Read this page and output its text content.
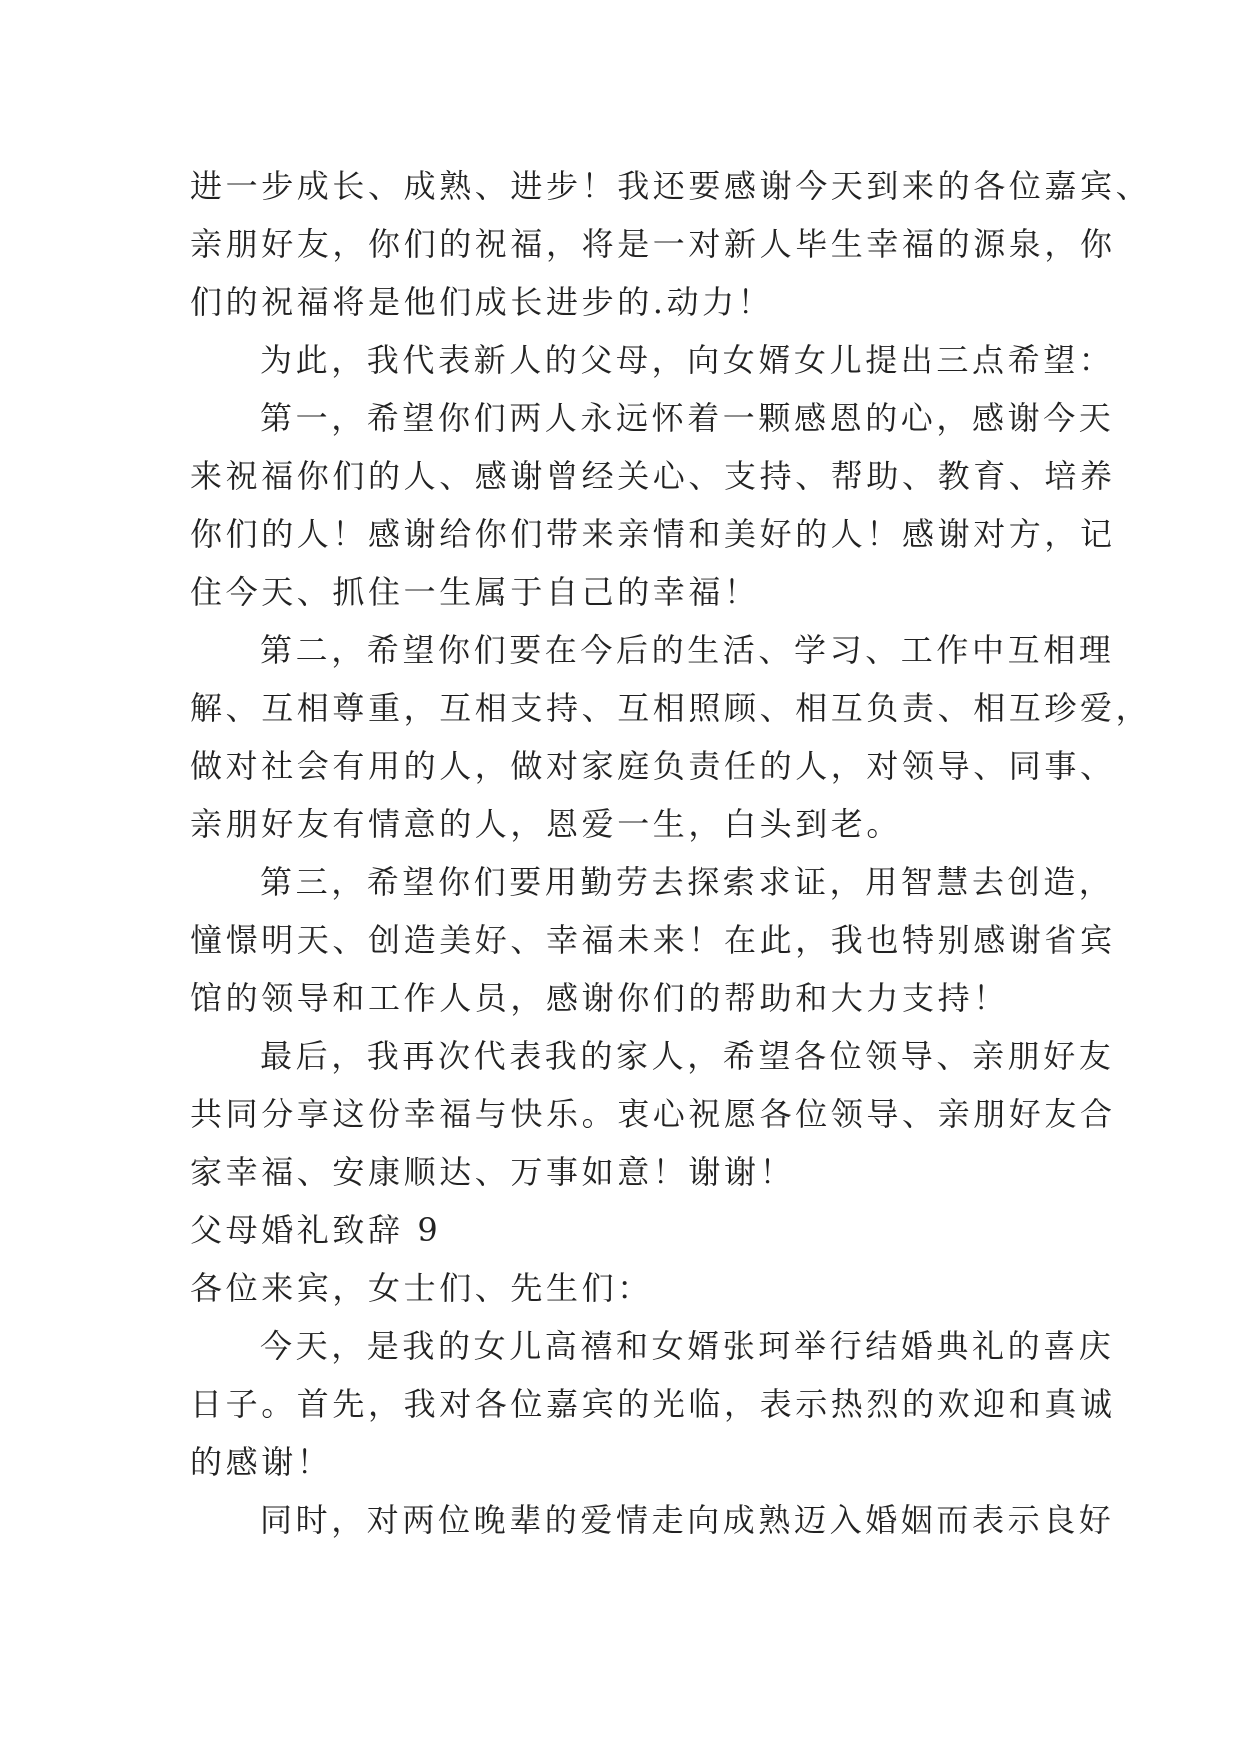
进一步成长、成熟、进步！我还要感谢今天到来的各位嘉宾、
亲朋好友，你们的祝福，将是一对新人毕生幸福的源泉，你
们的祝福将是他们成长进步的.动力！
为此，我代表新人的父母，向女婿女儿提出三点希望：
第一，希望你们两人永远怀着一颗感恩的心，感谢今天
来祝福你们的人、感谢曾经关心、支持、帮助、教育、培养
你们的人！感谢给你们带来亲情和美好的人！感谢对方，记
住今天、抓住一生属于自己的幸福！
第二，希望你们要在今后的生活、学习、工作中互相理
解、互相尊重，互相支持、互相照顾、相互负责、相互珍爱，
做对社会有用的人，做对家庭负责任的人，对领导、同事、
亲朋好友有情意的人，恩爱一生，白头到老。
第三，希望你们要用勤劳去探索求证，用智慧去创造，
憧憬明天、创造美好、幸福未来！在此，我也特别感谢省宾
馆的领导和工作人员，感谢你们的帮助和大力支持！
最后，我再次代表我的家人，希望各位领导、亲朋好友
共同分享这份幸福与快乐。衷心祝愿各位领导、亲朋好友合
家幸福、安康顺达、万事如意！谢谢！
父母婚礼致辞 9
各位来宾，女士们、先生们：
今天，是我的女儿高禧和女婿张珂举行结婚典礼的喜庆
日子。首先，我对各位嘉宾的光临，表示热烈的欢迎和真诚
的感谢！
同时，对两位晚辈的爱情走向成熟迈入婚姻而表示良好
